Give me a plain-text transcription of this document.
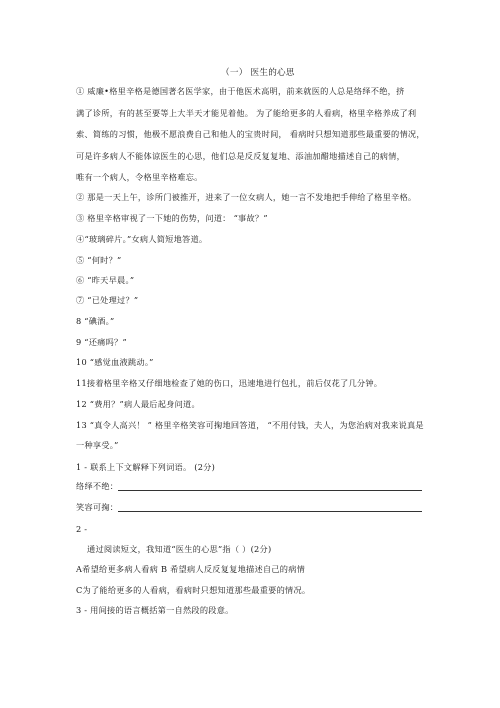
（一） 医生的心思
① 威廉•格里辛格是德国著名医学家，由于他医术高明，前来就医的人总是络绎不绝，挤
满了诊所，有的甚至要等上大半天才能见着他。 为了能给更多的人看病，格里辛格养成了利
索、简练的习惯，他极不愿浪费自己和他人的宝贵时间， 看病时只想知道那些最重要的情况，
可是许多病人不能体谅医生的心思，他们总是反反复复地、添油加醋地描述自己的病情，
唯有一个病人，令格里辛格难忘。
② 那是一天上午，诊所门被推开，进来了一位女病人，她一言不发地把手伸给了格里辛格。
③ 格里辛格审视了一下她的伤势，问道： “事故？”
④“玻璃碎片。”女病人简短地答道。
⑤ “何时？”
⑥ “昨天早晨。”
⑦ “已处理过？”
8 “碘酒。”
9 “还痛吗？”
10 “感觉血液跳动。”
11接着格里辛格又仔细地检查了她的伤口，迅速地进行包扎，前后仅花了几分钟。
12 “费用？”病人最后起身问道。
13 “真令人高兴！ ” 格里辛格笑容可掬地回答道， “不用付钱，夫人，为您治病对我来说真是
一种享受。”
1 - 联系上下文解释下列词语。 (2分)
络绎不绝：
笑容可掬：
2 -
通过阅读短文，我知道“医生的心思”指（ ）(2分)
A希望给更多病人看病 B 希望病人反反复复地描述自己的病情
C为了能给更多的人看病，看病时只想知道那些最重要的情况。
3 - 用间接的语言概括第一自然段的段意。
